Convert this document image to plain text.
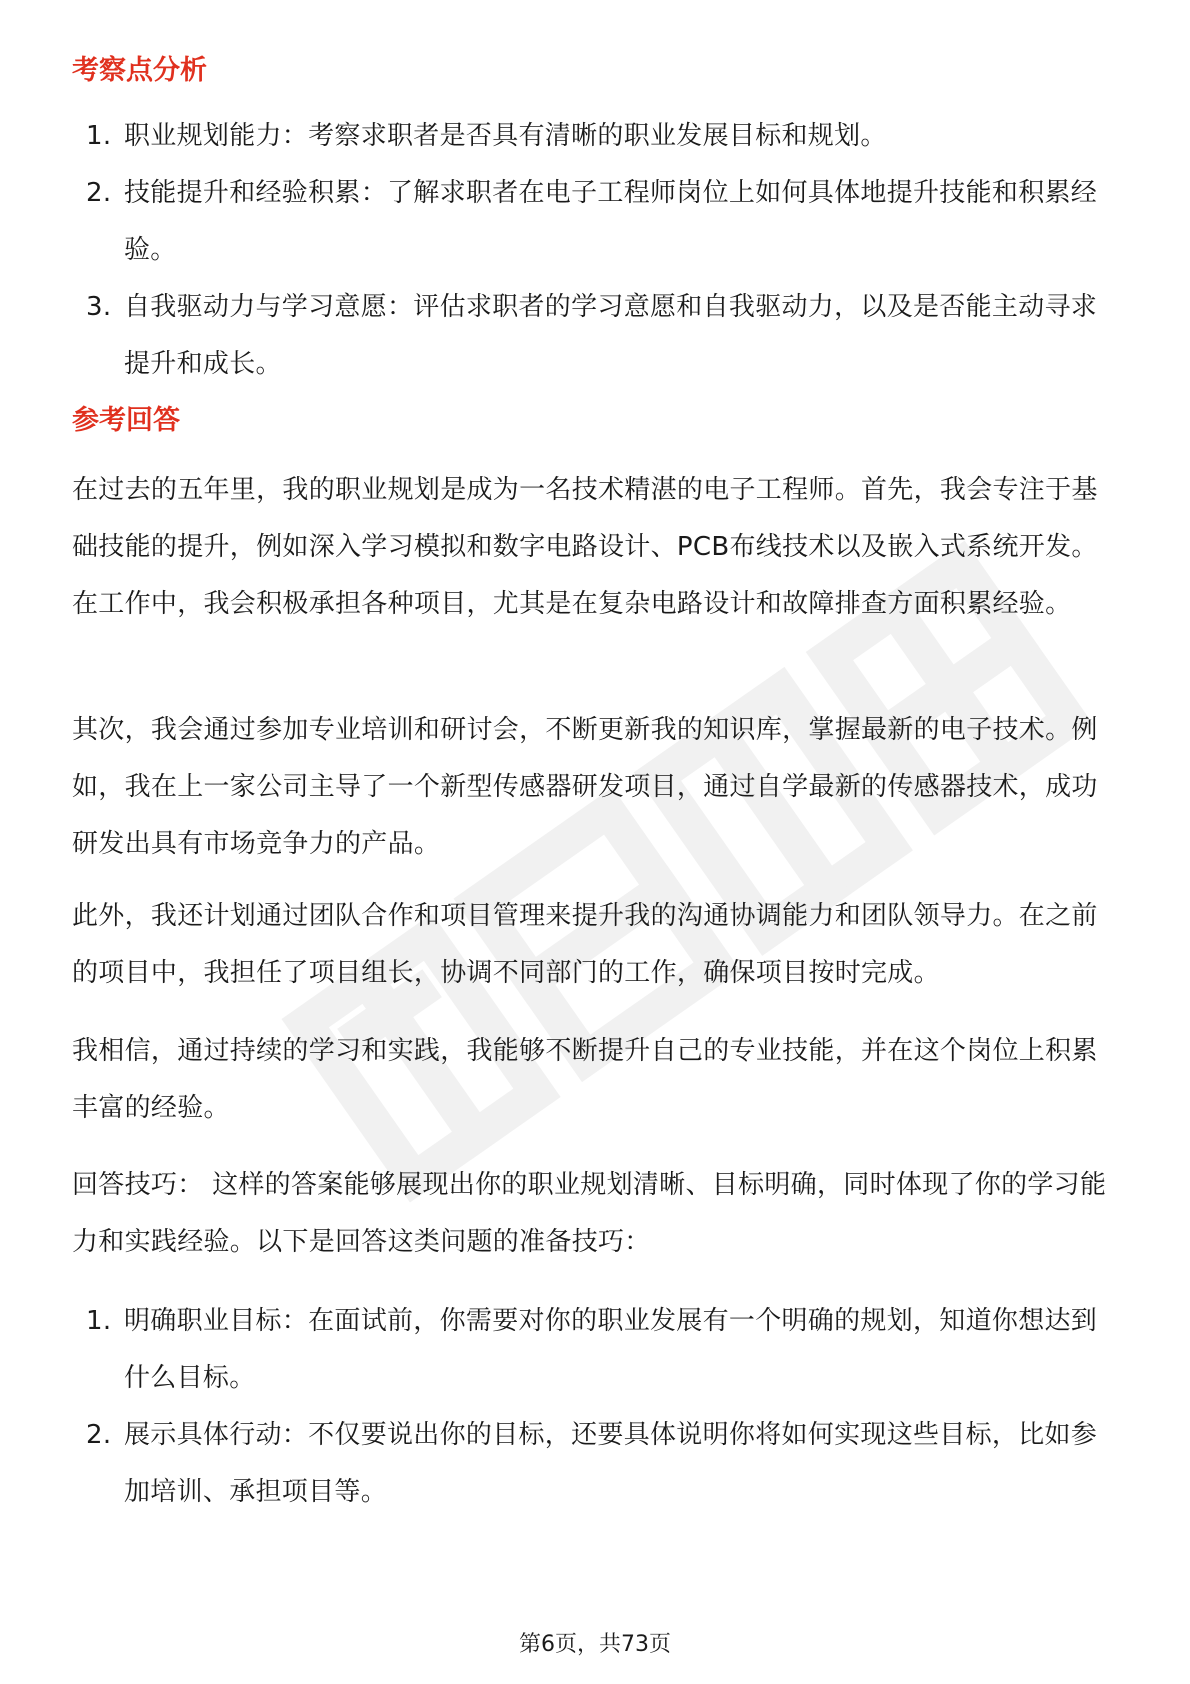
考察点分析
1. 职业规划能力：考察求职者是否具有清晰的职业发展目标和规划。
2. 技能提升和经验积累：了解求职者在电子工程师岗位上如何具体地提升技能和积累经验。
3. 自我驱动力与学习意愿：评估求职者的学习意愿和自我驱动力，以及是否能主动寻求提升和成长。
参考回答

在过去的五年里，我的职业规划是成为一名技术精湛的电子工程师。首先，我会专注于基础技能的提升，例如深入学习模拟和数字电路设计、PCB布线技术以及嵌入式系统开发。在工作中，我会积极承担各种项目，尤其是在复杂电路设计和故障排查方面积累经验。

其次，我会通过参加专业培训和研讨会，不断更新我的知识库，掌握最新的电子技术。例如，我在上一家公司主导了一个新型传感器研发项目，通过自学最新的传感器技术，成功研发出具有市场竞争力的产品。

此外，我还计划通过团队合作和项目管理来提升我的沟通协调能力和团队领导力。在之前的项目中，我担任了项目组长，协调不同部门的工作，确保项目按时完成。

我相信，通过持续的学习和实践，我能够不断提升自己的专业技能，并在这个岗位上积累丰富的经验。

回答技巧： 这样的答案能够展现出你的职业规划清晰、目标明确，同时体现了你的学习能力和实践经验。以下是回答这类问题的准备技巧：

1. 明确职业目标：在面试前，你需要对你的职业发展有一个明确的规划，知道你想达到什么目标。
2. 展示具体行动：不仅要说出你的目标，还要具体说明你将如何实现这些目标，比如参加培训、承担项目等。
第6页，共73页
